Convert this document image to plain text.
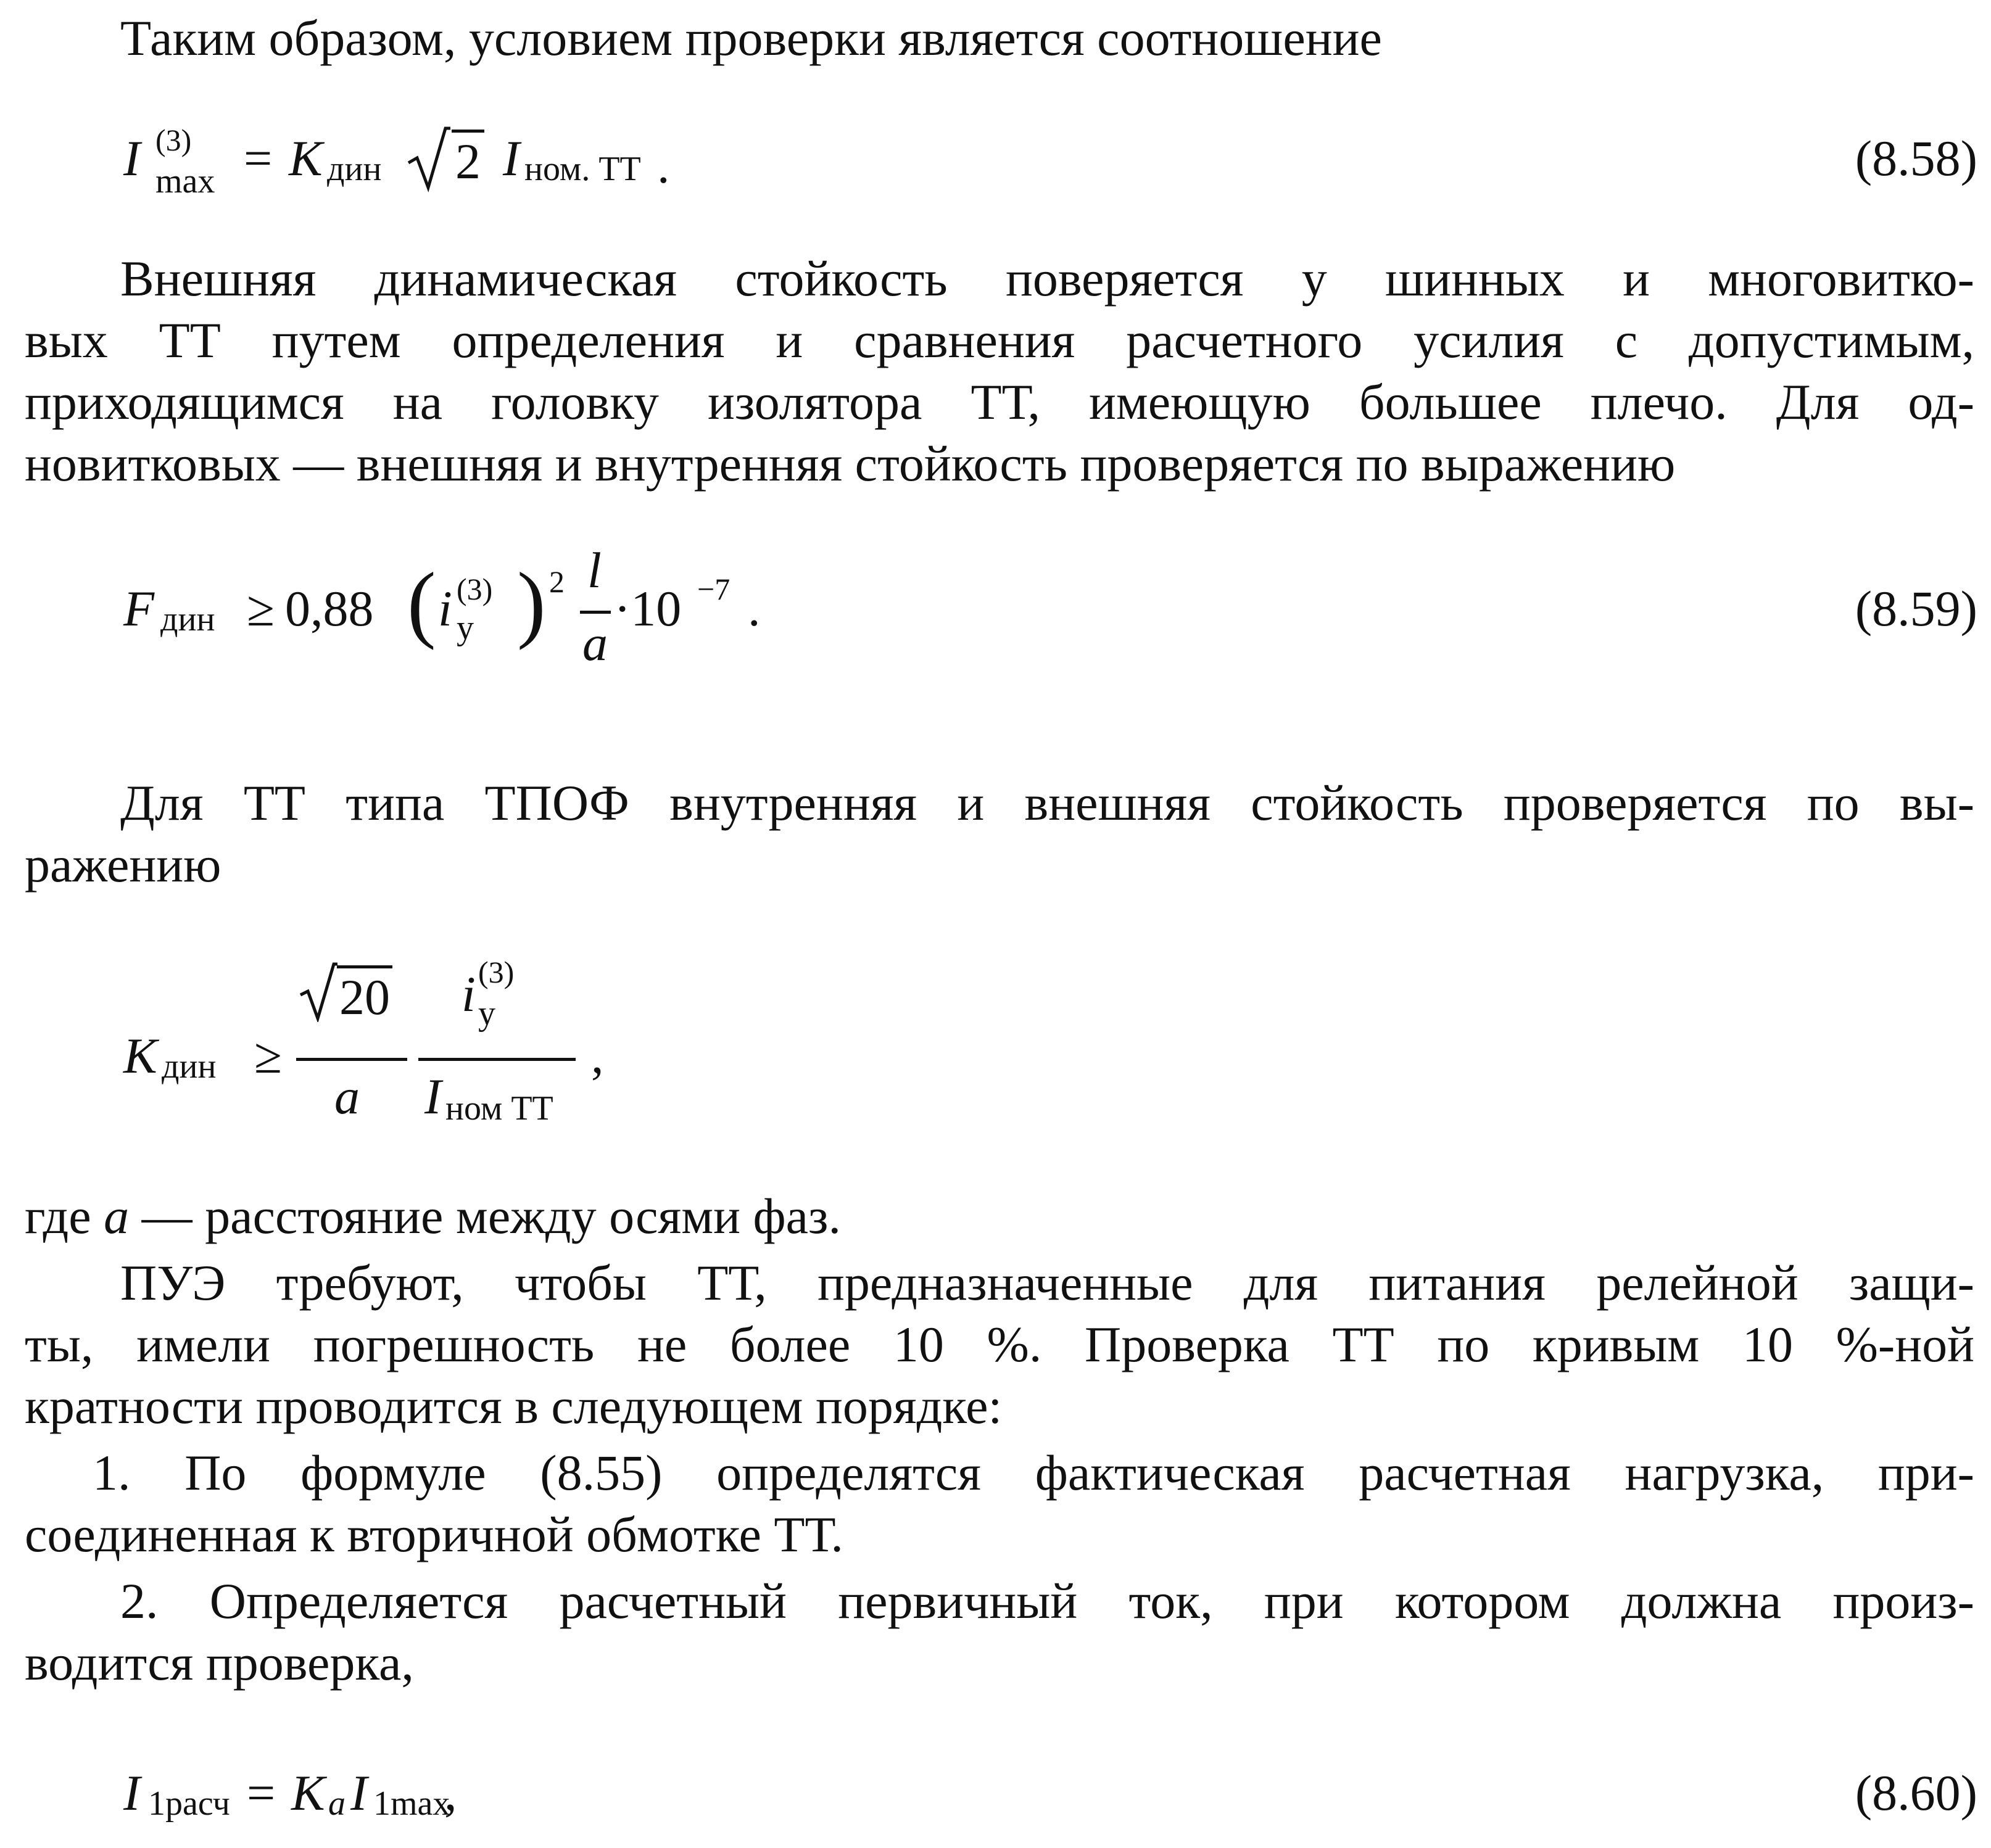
Таким образом, условием проверки является соотношение
I (3)
max = K дин 2 I ном. ТТ .	(8.58)
Внешняя динамическая стойкость поверяется у шинных и многовитко-
вых ТТ путем определения и сравнения расчетного усилия с допустимым,
приходящимся на головку изолятора ТТ, имеющую большее плечо. Для од-
новитковых — внешняя и внутренняя стойкость проверяется по выражению
F дин ≥ 0,88 ( i (3)
у ) 2 l
a
·10 −7 .	(8.59)
Для ТТ типа ТПОФ внутренняя и внешняя стойкость проверяется по вы-
ражению
K дин ≥
20
a
i (3)
у
I ном ТТ
,
где a — расстояние между осями фаз.
ПУЭ требуют, чтобы ТТ, предназначенные для питания релейной защи-
ты, имели погрешность не более 10 %. Проверка ТТ по кривым 10 %-ной
кратности проводится в следующем порядке:
1. По формуле (8.55) определятся фактическая расчетная нагрузка, при-
соединенная к вторичной обмотке ТТ.
2. Определяется расчетный первичный ток, при котором должна произ-
водится проверка,
I 1расч = K a I 1max
,	(8.60)
